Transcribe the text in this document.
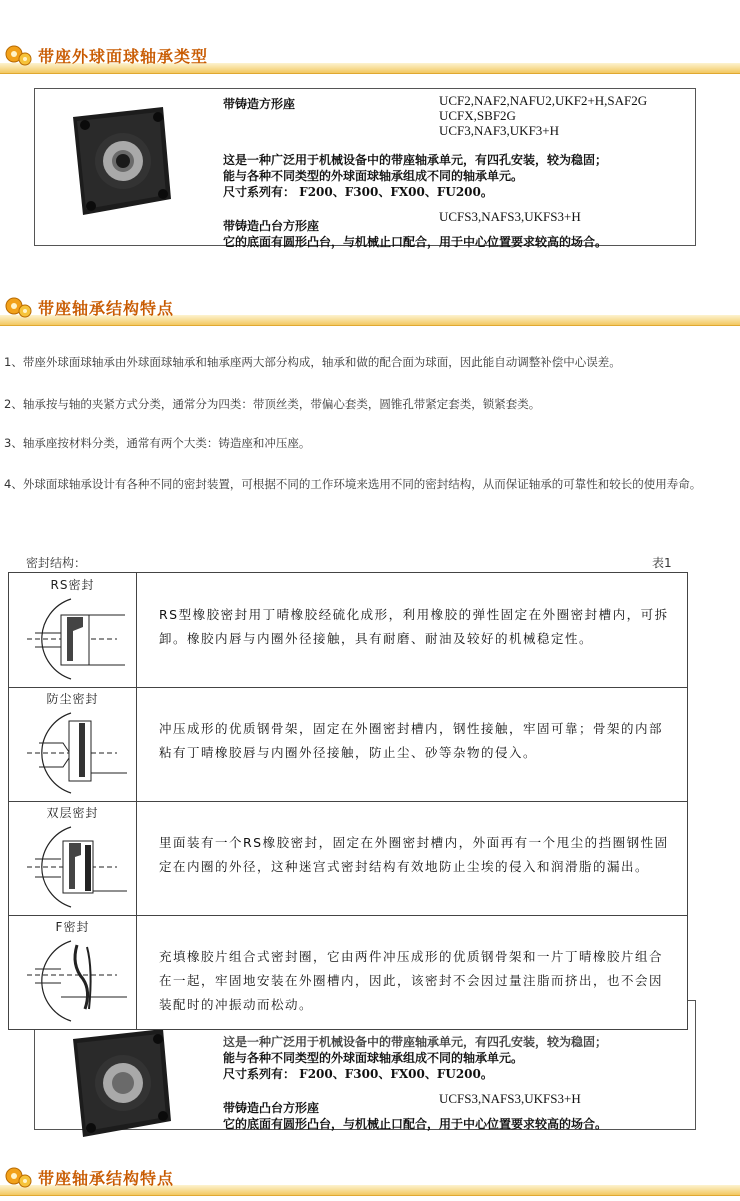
带座外球面球轴承类型
带铸造方形座	UCF2,NAF2,NAFU2,UKF2+H,SAF2G
UCFX,SBF2G
UCF3,NAF3,UKF3+H
这是一种广泛用于机械设备中的带座轴承单元，有四孔安装，较为稳固；
能与各种不同类型的外球面球轴承组成不同的轴承单元。
尺寸系列有： F200、F300、FX00、FU200。
带铸造凸台方形座
UCFS3,NAFS3,UKFS3+H
它的底面有圆形凸台，与机械止口配合，用于中心位置要求较高的场合。
带座轴承结构特点
1、带座外球面球轴承由外球面球轴承和轴承座两大部分构成，轴承和做的配合面为球面，因此能自动调整补偿中心误差。
2、轴承按与轴的夹紧方式分类，通常分为四类：带顶丝类，带偏心套类，圆锥孔带紧定套类，锁紧套类。
3、轴承座按材料分类，通常有两个大类：铸造座和冲压座。
4、外球面球轴承设计有各种不同的密封装置，可根据不同的工作环境来选用不同的密封结构，从而保证轴承的可靠性和较长的使用寿命。
密封结构：	表1
这是一种广泛用于机械设备中的带座轴承单元，有四孔安装，较为稳固；
能与各种不同类型的外球面球轴承组成不同的轴承单元。
尺寸系列有： F200、F300、FX00、FU200。
带铸造凸台方形座
UCFS3,NAFS3,UKFS3+H
它的底面有圆形凸台，与机械止口配合，用于中心位置要求较高的场合。
RS密封
RS型橡胶密封用丁晴橡胶经硫化成形，利用橡胶的弹性固定在外圈密封槽内，可拆卸。橡胶内唇与内圈外径接触，具有耐磨、耐油及较好的机械稳定性。
防尘密封
冲压成形的优质钢骨架，固定在外圈密封槽内，钢性接触，牢固可靠；骨架的内部粘有丁晴橡胶唇与内圈外径接触，防止尘、砂等杂物的侵入。
双层密封
里面装有一个RS橡胶密封，固定在外圈密封槽内，外面再有一个甩尘的挡圈钢性固定在内圈的外径，这种迷宫式密封结构有效地防止尘埃的侵入和润滑脂的漏出。
F密封
充填橡胶片组合式密封圈，它由两件冲压成形的优质钢骨架和一片丁晴橡胶片组合在一起，牢固地安装在外圈槽内，因此，该密封不会因过量注脂而挤出，也不会因装配时的冲振动而松动。
带座轴承结构特点
